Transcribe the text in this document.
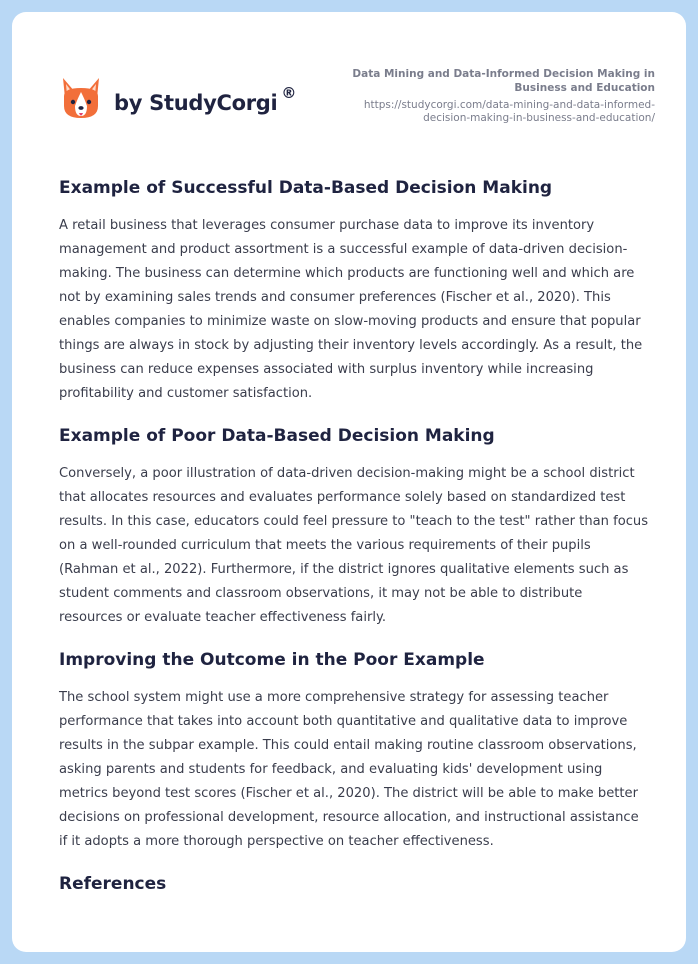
by StudyCorgi ®
Data Mining and Data-Informed Decision Making in Business and Education
https://studycorgi.com/data-mining-and-data-informed-decision-making-in-business-and-education/
Example of Successful Data-Based Decision Making

A retail business that leverages consumer purchase data to improve its inventory management and product assortment is a successful example of data-driven decision-making. The business can determine which products are functioning well and which are not by examining sales trends and consumer preferences (Fischer et al., 2020). This enables companies to minimize waste on slow-moving products and ensure that popular things are always in stock by adjusting their inventory levels accordingly. As a result, the business can reduce expenses associated with surplus inventory while increasing profitability and customer satisfaction.

Example of Poor Data-Based Decision Making

Conversely, a poor illustration of data-driven decision-making might be a school district that allocates resources and evaluates performance solely based on standardized test results. In this case, educators could feel pressure to "teach to the test" rather than focus on a well-rounded curriculum that meets the various requirements of their pupils (Rahman et al., 2022). Furthermore, if the district ignores qualitative elements such as student comments and classroom observations, it may not be able to distribute resources or evaluate teacher effectiveness fairly.

Improving the Outcome in the Poor Example

The school system might use a more comprehensive strategy for assessing teacher performance that takes into account both quantitative and qualitative data to improve results in the subpar example. This could entail making routine classroom observations, asking parents and students for feedback, and evaluating kids' development using metrics beyond test scores (Fischer et al., 2020). The district will be able to make better decisions on professional development, resource allocation, and instructional assistance if it adopts a more thorough perspective on teacher effectiveness.

References
